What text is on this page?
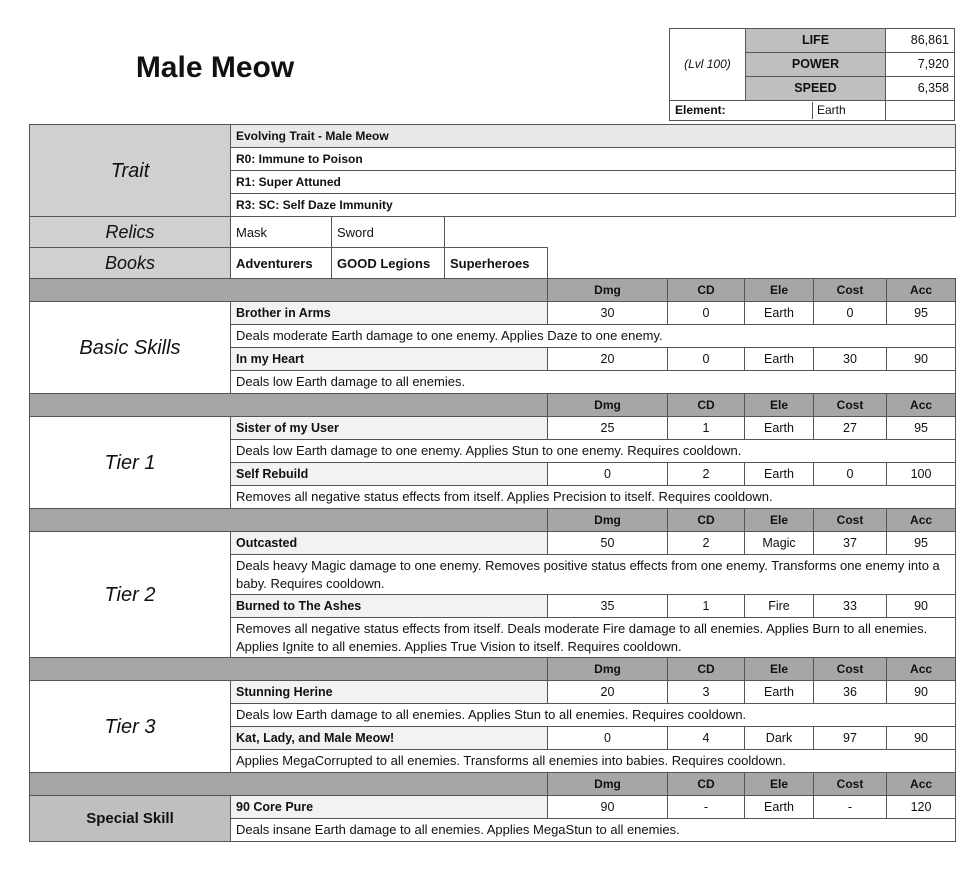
Male Meow	(Lvl 100)	LIFE	86,861
	POWER	7,920
	SPEED	6,358
Element: Earth		

Trait	Evolving Trait - Male Meow							
	R0: Immune to Poison							
	R1: Super Attuned							
	R3: SC: Self Daze Immunity							
Relics	Mask	Sword						
Books	Adventurers	GOOD Legions	Superheroes					
				Dmg	CD	Ele	Cost	Acc
Basic Skills	Brother in Arms			30	0	Earth	0	95
	Deals moderate Earth damage to one enemy. Applies Daze to one enemy.							
	In my Heart			20	0	Earth	30	90
	Deals low Earth damage to all enemies.							
				Dmg	CD	Ele	Cost	Acc
Tier 1	Sister of my User			25	1	Earth	27	95
	Deals low Earth damage to one enemy. Applies Stun to one enemy. Requires cooldown.							
	Self Rebuild			0	2	Earth	0	100
	Removes all negative status effects from itself. Applies Precision to itself. Requires cooldown.							
				Dmg	CD	Ele	Cost	Acc
Tier 2	Outcasted			50	2	Magic	37	95
	Deals heavy Magic damage to one enemy. Removes positive status effects from one enemy. Transforms one enemy into a baby. Requires cooldown.							
	Burned to The Ashes			35	1	Fire	33	90
	Removes all negative status effects from itself. Deals moderate Fire damage to all enemies. Applies Burn to all enemies. Applies Ignite to all enemies. Applies True Vision to itself. Requires cooldown.							
				Dmg	CD	Ele	Cost	Acc
Tier 3	Stunning Herine			20	3	Earth	36	90
	Deals low Earth damage to all enemies. Applies Stun to all enemies. Requires cooldown.							
	Kat, Lady, and Male Meow!			0	4	Dark	97	90
	Applies MegaCorrupted to all enemies. Transforms all enemies into babies. Requires cooldown.							
				Dmg	CD	Ele	Cost	Acc
Special Skill	90 Core Pure			90	-	Earth	-	120
	Deals insane Earth damage to all enemies. Applies MegaStun to all enemies.							
